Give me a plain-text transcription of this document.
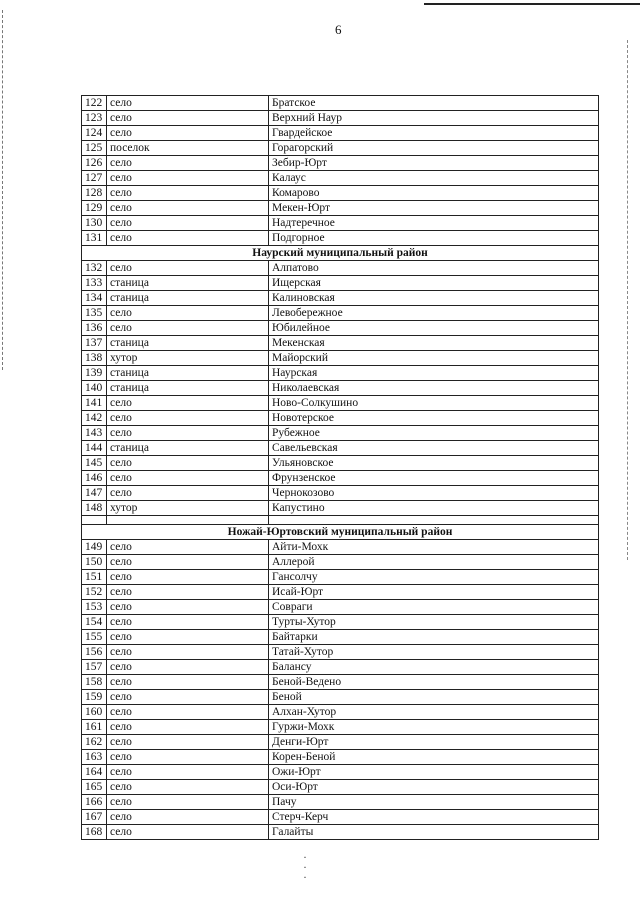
6
122	село	Братское
123	село	Верхний Наур
124	село	Гвардейское
125	поселок	Горагорский
126	село	Зебир-Юрт
127	село	Калаус
128	село	Комарово
129	село	Мекен-Юрт
130	село	Надтеречное
131	село	Подгорное
Наурский муниципальный район		
132	село	Алпатово
133	станица	Ищерская
134	станица	Калиновская
135	село	Левобережное
136	село	Юбилейное
137	станица	Мекенская
138	хутор	Майорский
139	станица	Наурская
140	станица	Николаевская
141	село	Ново-Солкушино
142	село	Новотерское
143	село	Рубежное
144	станица	Савельевская
145	село	Ульяновское
146	село	Фрунзенское
147	село	Чернокозово
148	хутор	Капустино

Ножай-Юртовский муниципальный район		
149	село	Айти-Мохк
150	село	Аллерой
151	село	Гансолчу
152	село	Исай-Юрт
153	село	Совраги
154	село	Турты-Хутор
155	село	Байтарки
156	село	Татай-Хутор
157	село	Балансу
158	село	Беной-Ведено
159	село	Беной
160	село	Алхан-Хутор
161	село	Гуржи-Мохк
162	село	Денги-Юрт
163	село	Корен-Беной
164	село	Ожи-Юрт
165	село	Оси-Юрт
166	село	Пачу
167	село	Стерч-Керч
168	село	Галайты
·
·
·
